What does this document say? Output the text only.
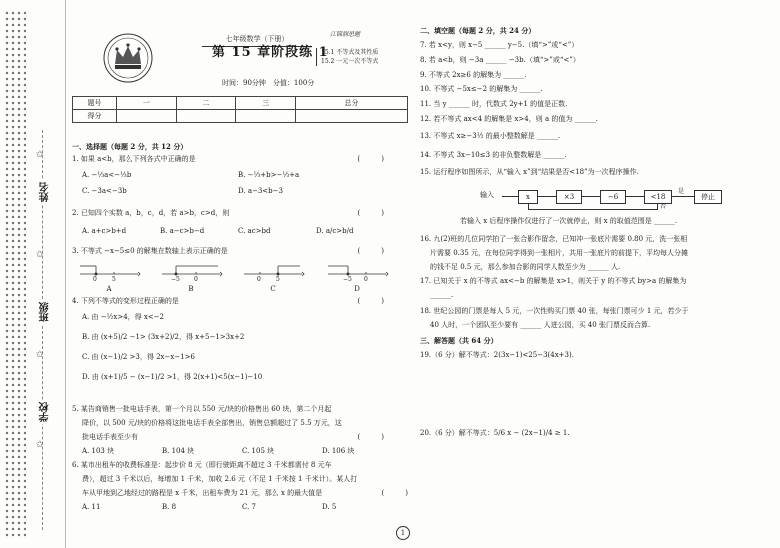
✩
姓名
✩
班级
✩
学校
✩
七年级数学（下册）
第 15 章阶段练 1
时间：90分钟　分值：100分
江锦润思题
15.1 不等式及其性质
15.2 一元一次不等式
题号	一	二	三	总分
得分				
一、选择题（每题 2 分，共 12 分）
1. 如果 a<b，那么下列各式中正确的是	(　　　)
A. −⅓a<−⅓b	B. −⅓+b>−⅓+a
C. −3a<−3b	D. a−3<b−3
2. 已知四个实数 a，b，c，d，若 a>b，c>d，则	(　　　)
A. a+c>b+d	B. a−c>b−d	C. ac>bd	D. a/c>b/d
3. 不等式 −x−5≤0 的解集在数轴上表示正确的是	(　　　)
0	5
A
−5 0
B
0	5
C
−5 0
D
4. 下列不等式的变形过程正确的是	(　　　)
A. 由 −½x>4，得 x<−2
B. 由 (x+5)/2 −1> (3x+2)/2，得 x+5−1>3x+2
C. 由 (x−1)/2 >3，得 2x−x−1>6
D. 由 (x+1)/5 − (x−1)/2 >1，得 2(x+1)<5(x−1)−10
5. 某告商销售一批电话手表，第一个月以 550 元/块的价格售出 60 块，第二个月起
降价，以 500 元/块的价格将这批电话手表全部售出，销售总额超过了 5.5 万元，这
批电话手表至少有	(　　　)
A. 103 块	B. 104 块	C. 105 块	D. 106 块
6. 某市出租车的收费标准是：起步价 8 元（即行驶距离不超过 3 千米都需付 8 元车
费），超过 3 千米以后，每增加 1 千米，加收 2.6 元（不足 1 千米按 1 千米计）。某人打
车从甲地到乙地经过的路程是 x 千米，出租车费为 21 元，那么 x 的最大值是	(　　　)
A. 11	B. 8	C. 7	D. 5
二、填空题（每题 2 分，共 24 分）
7. 若 x<y，则 x−5 ______ y−5.（填“>”或“<”）
8. 若 a<b，则 −3a ______ −3b.（填“>”或“<”）
9. 不等式 2x≥6 的解集为 ______.
10. 不等式 −5x≤−2 的解集为 ______.
11. 当 y ______ 时，代数式 2y+1 的值是正数.
12. 若不等式 ax<4 的解集是 x>4，则 a 的值为 ______.
13. 不等式 x≥−3½ 的最小整数解是 ______.
14. 不等式 3x−10≤3 的非负整数解是 ______.
15. 运行程序如图所示，从“输入 x”到“结果是否<18”为一次程序操作.
输入	x	×3	−6	<18
是
停止
否
若输入 x 后程序操作仅进行了一次就停止，则 x 的取值范围是 ______.
16. 九(2)班的几位同学拍了一张合影作留念，已知冲一张底片需要 0.80 元，洗一张相
片需要 0.35 元，在每位同学得到一张相片，共用一张底片的前提下，平均每人分摊
的钱不足 0.5 元，那么参加合影的同学人数至少为 ______ 人.
17. 已知关于 x 的不等式 ax<−b 的解集是 x>1，则关于 y 的不等式 by>a 的解集为
______.
18. 世纪公园的门票是每人 5 元，一次性购买门票 40 张，每张门票可少 1 元，若少于
40 人时，一个团队至少要有 ______ 人进公园，买 40 张门票反而合算.
三、解答题（共 64 分）
19.（6 分）解不等式：2(3x−1)<25−3(4x+3).
20.（6 分）解不等式：5/6 x − (2x−1)/4 ≥ 1.
1
